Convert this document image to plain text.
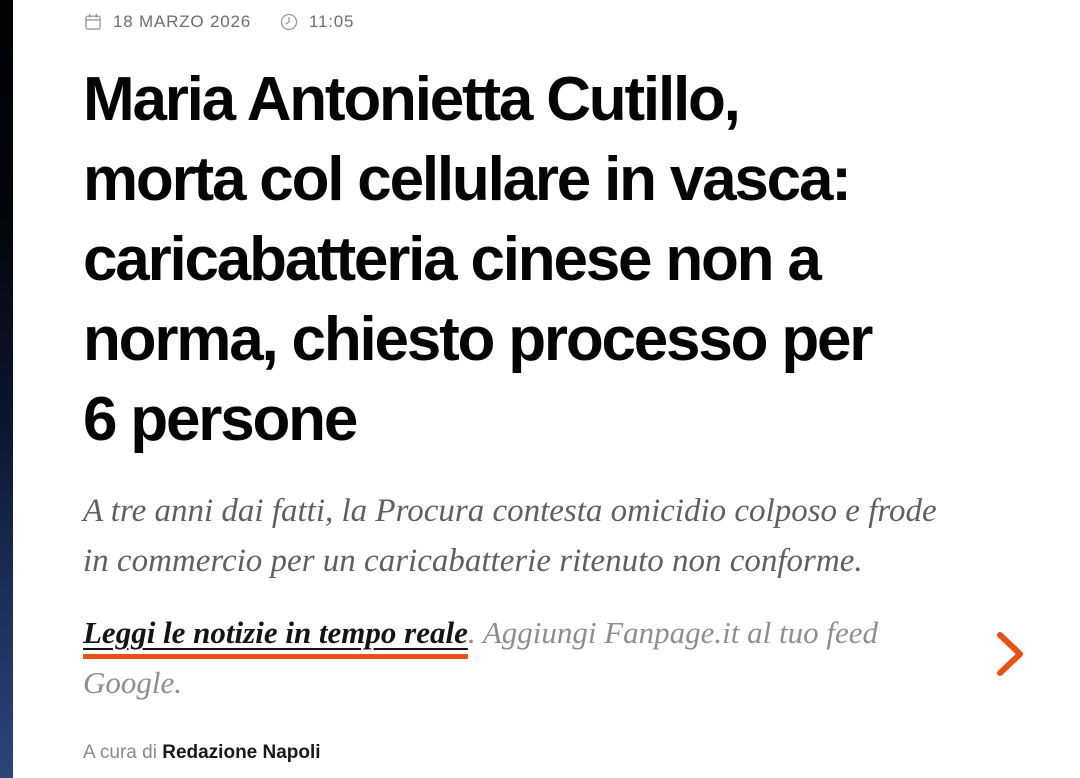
18 MARZO 2026	11:05
Maria Antonietta Cutillo,
morta col cellulare in vasca:
caricabatteria cinese non a
norma, chiesto processo per
6 persone
A tre anni dai fatti, la Procura contesta omicidio colposo e frode
in commercio per un caricabatterie ritenuto non conforme.
Leggi le notizie in tempo reale. Aggiungi Fanpage.it al tuo feed Google.
A cura di Redazione Napoli
